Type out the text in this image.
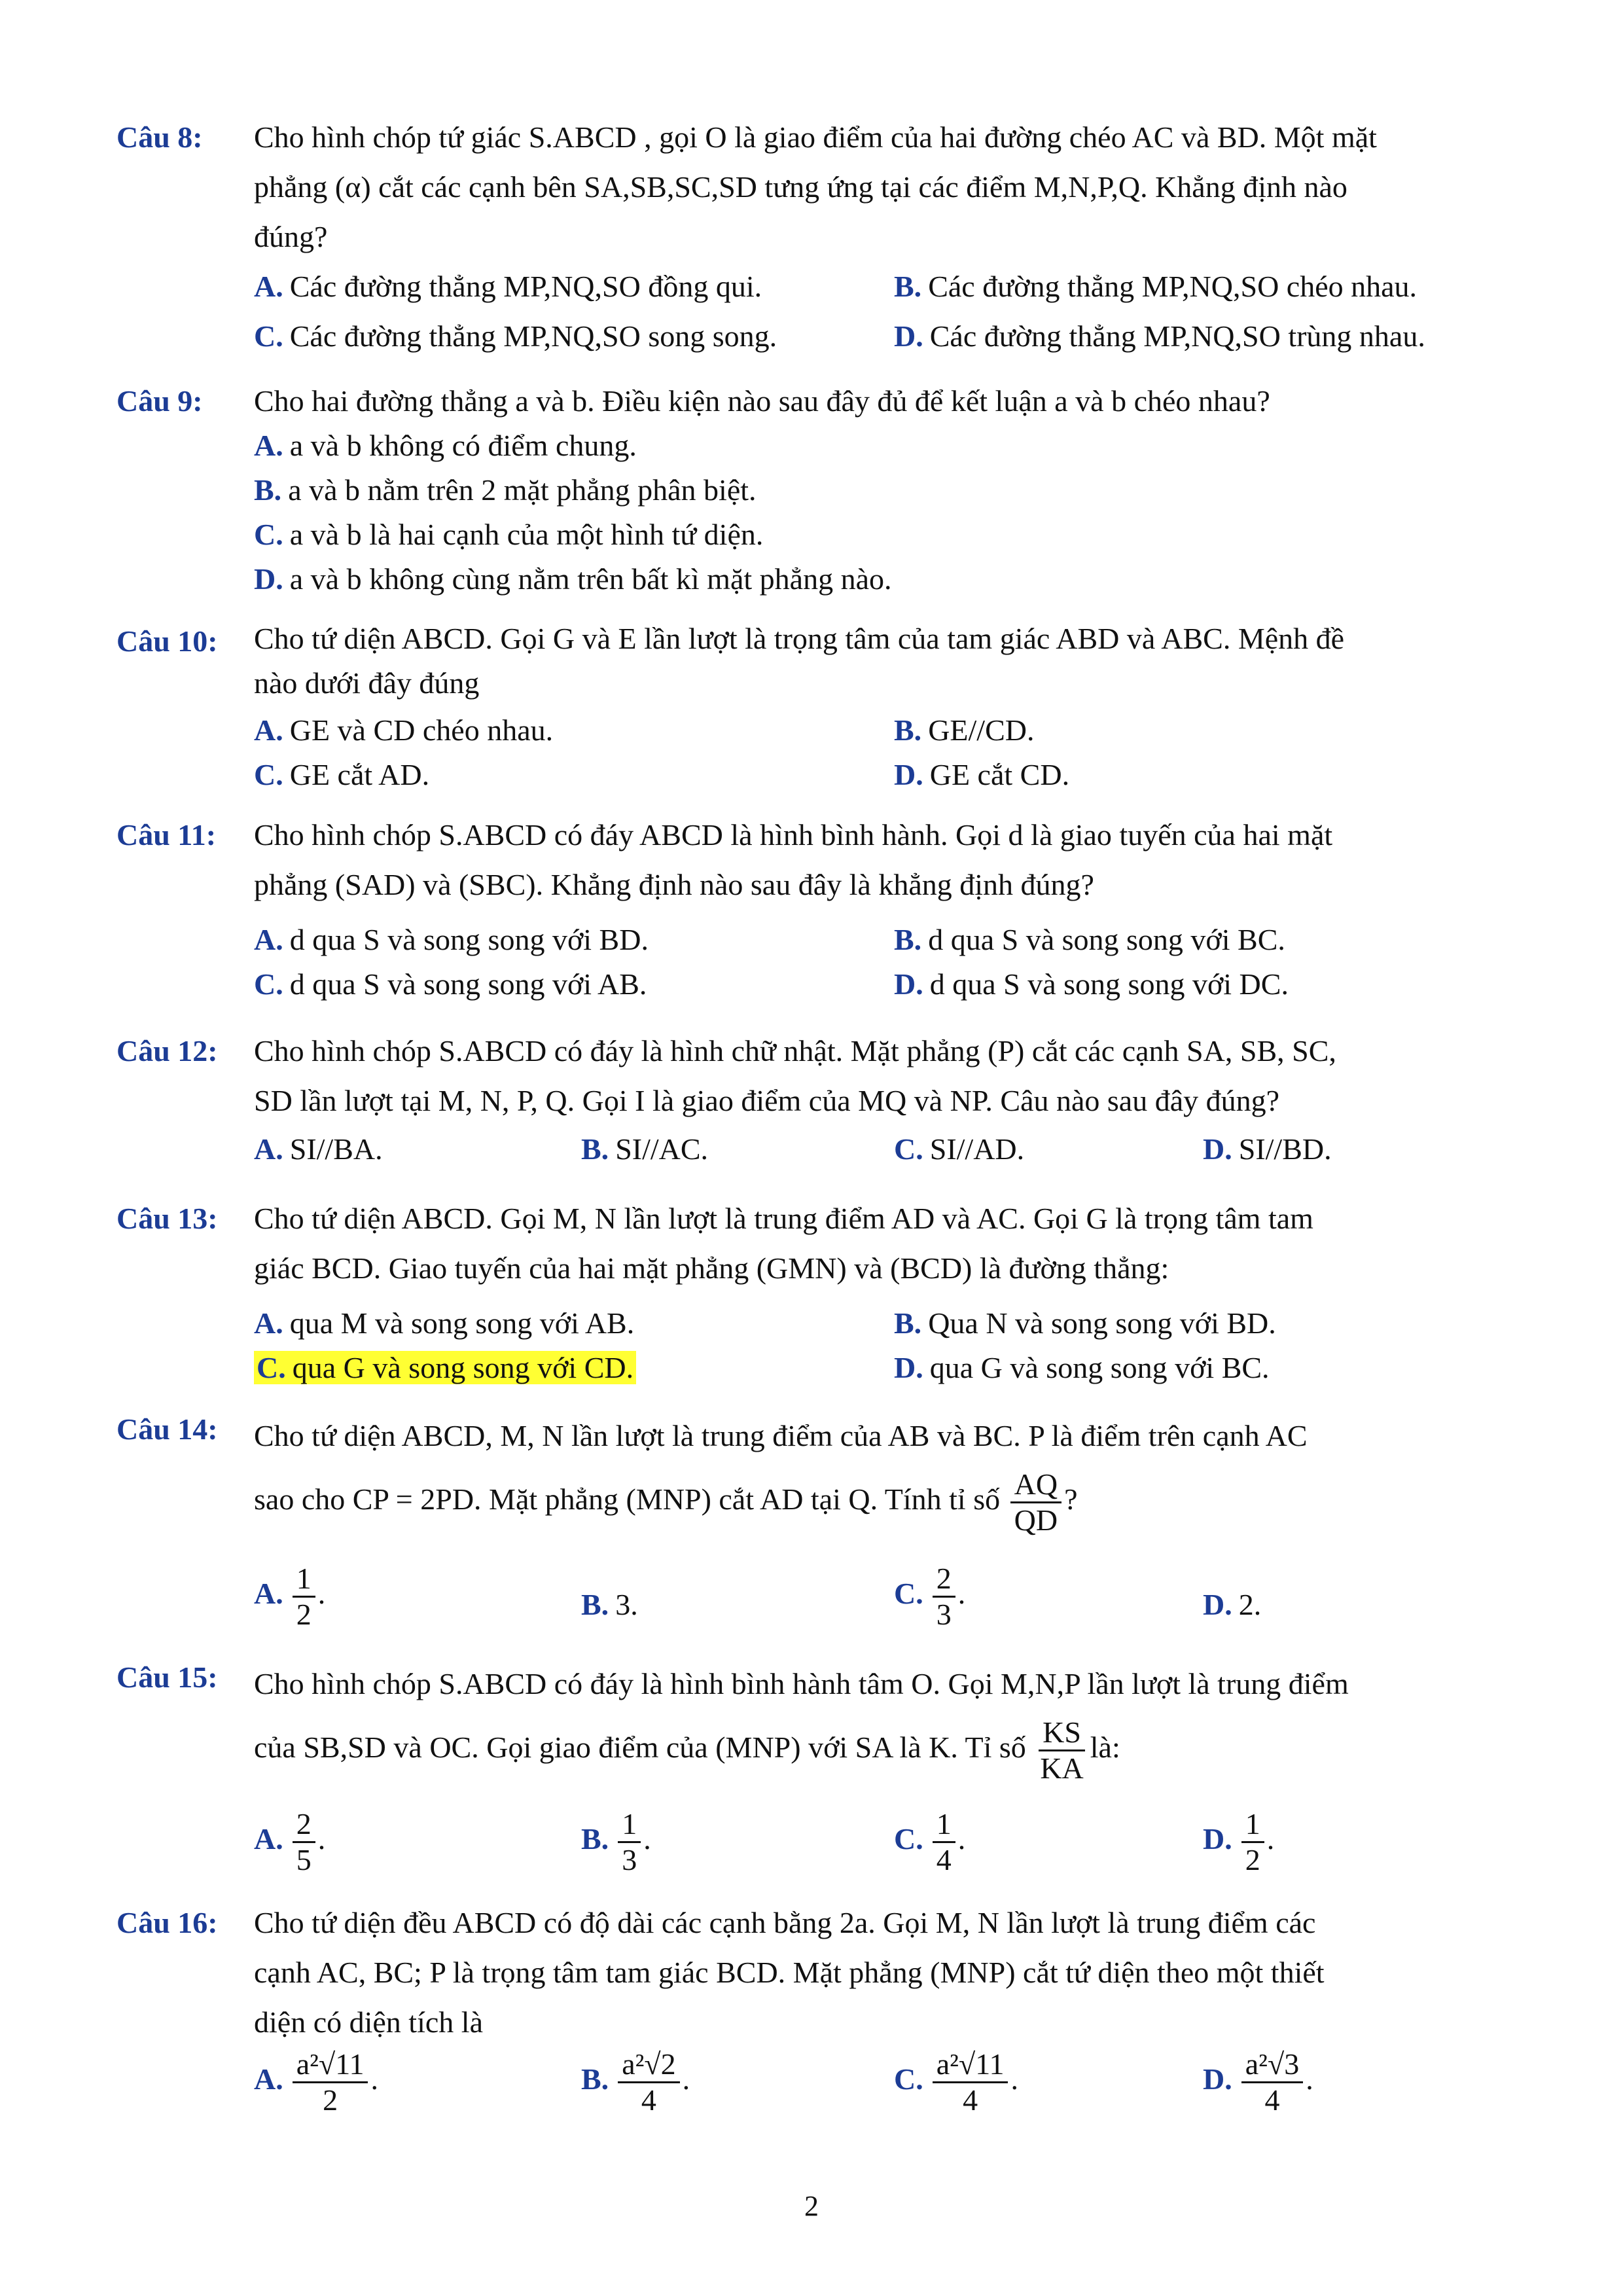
Câu 8: Cho hình chóp tứ giác S.ABCD , gọi O là giao điểm của hai đường chéo AC và BD. Một mặt
phẳng (α) cắt các cạnh bên SA,SB,SC,SD tưng ứng tại các điểm M,N,P,Q. Khẳng định nào
đúng?
A. Các đường thẳng MP,NQ,SO đồng qui.	B. Các đường thẳng MP,NQ,SO chéo nhau.
C. Các đường thẳng MP,NQ,SO song song.	D. Các đường thẳng MP,NQ,SO trùng nhau.
Câu 9: Cho hai đường thẳng a và b. Điều kiện nào sau đây đủ để kết luận a và b chéo nhau?
A. a và b không có điểm chung.
B. a và b nằm trên 2 mặt phẳng phân biệt.
C. a và b là hai cạnh của một hình tứ diện.
D. a và b không cùng nằm trên bất kì mặt phẳng nào.
Câu 10: Cho tứ diện ABCD. Gọi G và E lần lượt là trọng tâm của tam giác ABD và ABC. Mệnh đề
nào dưới đây đúng
A. GE và CD chéo nhau.	B. GE//CD.
C. GE cắt AD.	D. GE cắt CD.
Câu 11: Cho hình chóp S.ABCD có đáy ABCD là hình bình hành. Gọi d là giao tuyến của hai mặt
phẳng (SAD) và (SBC). Khẳng định nào sau đây là khẳng định đúng?
A. d qua S và song song với BD.	B. d qua S và song song với BC.
C. d qua S và song song với AB.	D. d qua S và song song với DC.
Câu 12: Cho hình chóp S.ABCD có đáy là hình chữ nhật. Mặt phẳng (P) cắt các cạnh SA, SB, SC,
SD lần lượt tại M, N, P, Q. Gọi I là giao điểm của MQ và NP. Câu nào sau đây đúng?
A. SI//BA.	B. SI//AC.	C. SI//AD.	D. SI//BD.
Câu 13: Cho tứ diện ABCD. Gọi M, N lần lượt là trung điểm AD và AC. Gọi G là trọng tâm tam
giác BCD. Giao tuyến của hai mặt phẳng (GMN) và (BCD) là đường thẳng:
A. qua M và song song với AB.	B. Qua N và song song với BD.
C. qua G và song song với CD.	D. qua G và song song với BC.
Câu 14: Cho tứ diện ABCD, M, N lần lượt là trung điểm của AB và BC. P là điểm trên cạnh AC
sao cho CP = 2PD. Mặt phẳng (MNP) cắt AD tại Q. Tính tỉ số $\frac{AQ}{QD}$ ?
A. $\frac{1}{2}$ .	B. 3.	C. $\frac{2}{3}$ .	D. 2.
Câu 15: Cho hình chóp S.ABCD có đáy là hình bình hành tâm O. Gọi M,N,P lần lượt là trung điểm
của SB,SD và OC. Gọi giao điểm của (MNP) với SA là K. Tỉ số $\frac{KS}{KA}$ là:
A. $\frac{2}{5}$ .	B. $\frac{1}{3}$ .	C. $\frac{1}{4}$ .	D. $\frac{1}{2}$ .
Câu 16: Cho tứ diện đều ABCD có độ dài các cạnh bằng 2a. Gọi M, N lần lượt là trung điểm các
cạnh AC, BC; P là trọng tâm tam giác BCD. Mặt phẳng (MNP) cắt tứ diện theo một thiết
diện có diện tích là
A. $\frac{\text{a²√11}}{2}$ .	B. $\frac{\text{a²√2}}{4}$ .	C. $\frac{\text{a²√11}}{4}$ .	D. $\frac{\text{a²√3}}{4}$ .
2
